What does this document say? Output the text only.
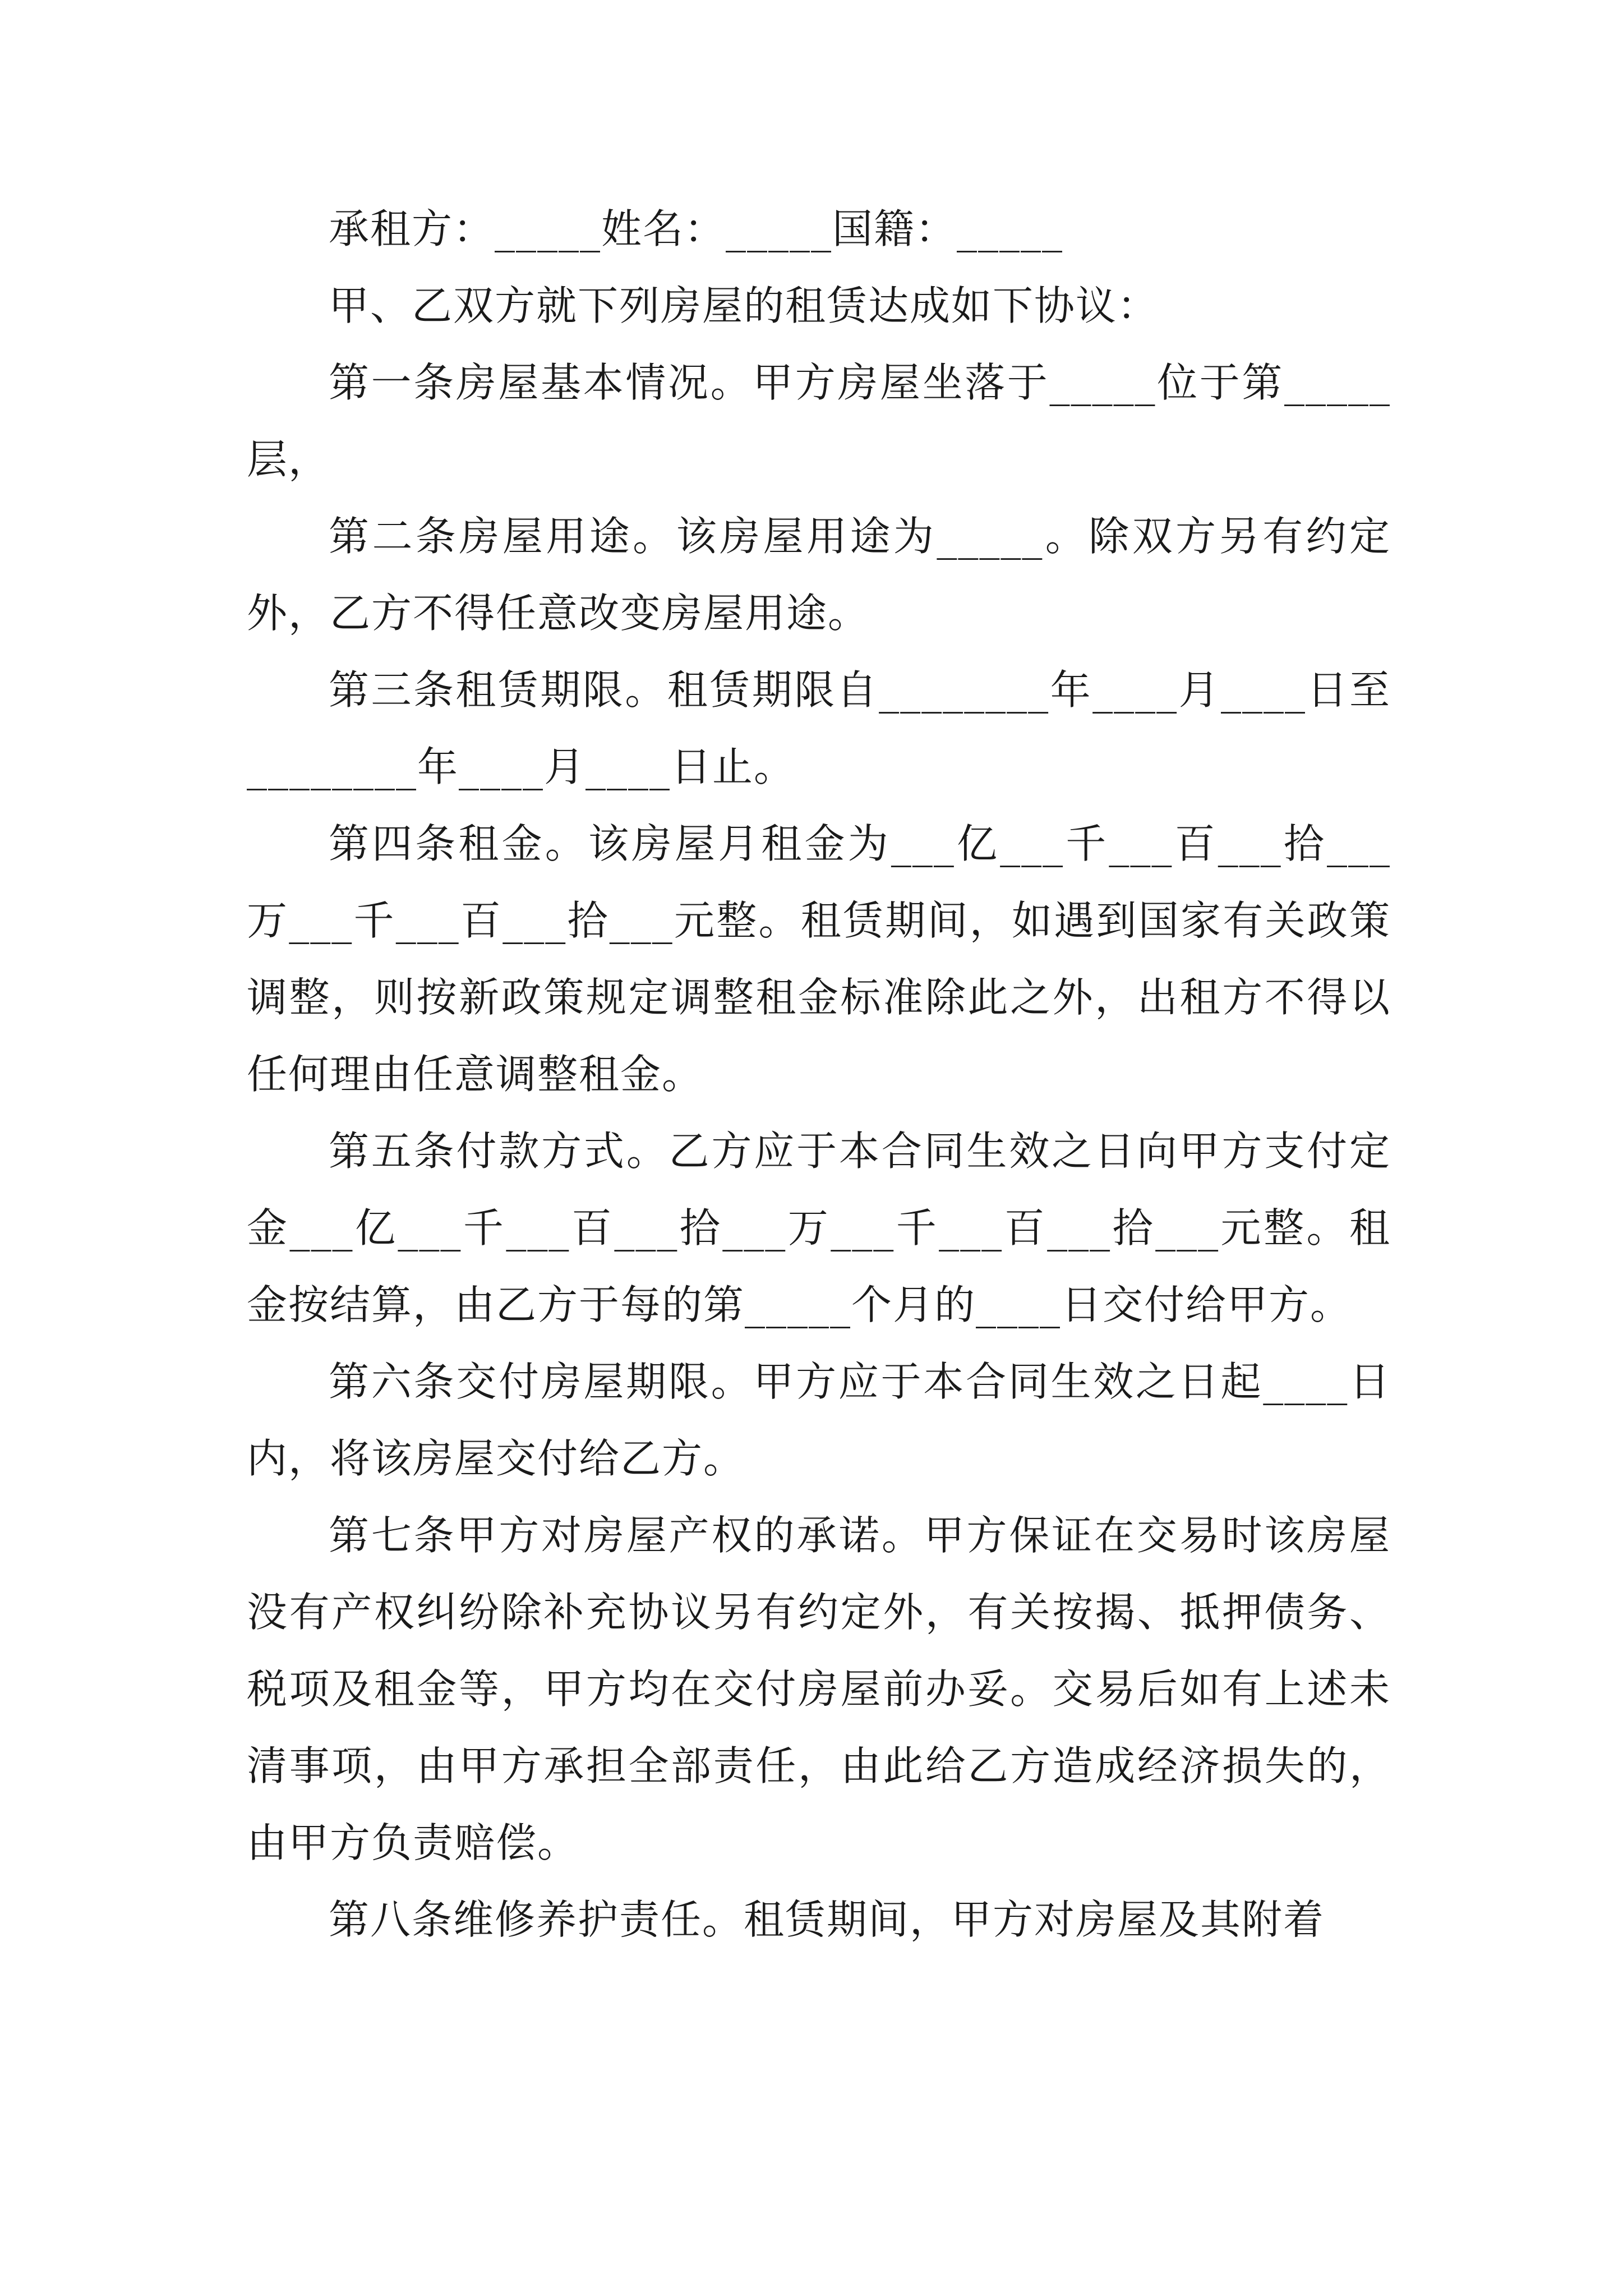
承租方：_____姓名：_____国籍：_____

甲、乙双方就下列房屋的租赁达成如下协议：

第一条房屋基本情况。甲方房屋坐落于_____位于第_____层，

第二条房屋用途。该房屋用途为_____。除双方另有约定外，乙方不得任意改变房屋用途。

第三条租赁期限。租赁期限自________年____月____日至________年____月____日止。

第四条租金。该房屋月租金为___亿___千___百___拾___万___千___百___拾___元整。租赁期间，如遇到国家有关政策调整，则按新政策规定调整租金标准除此之外，出租方不得以任何理由任意调整租金。

第五条付款方式。乙方应于本合同生效之日向甲方支付定金___亿___千___百___拾___万___千___百___拾___元整。租金按结算，由乙方于每的第_____个月的____日交付给甲方。

第六条交付房屋期限。甲方应于本合同生效之日起____日内，将该房屋交付给乙方。

第七条甲方对房屋产权的承诺。甲方保证在交易时该房屋没有产权纠纷除补充协议另有约定外，有关按揭、抵押债务、税项及租金等，甲方均在交付房屋前办妥。交易后如有上述未清事项，由甲方承担全部责任，由此给乙方造成经济损失的，由甲方负责赔偿。

第八条维修养护责任。租赁期间，甲方对房屋及其附着
